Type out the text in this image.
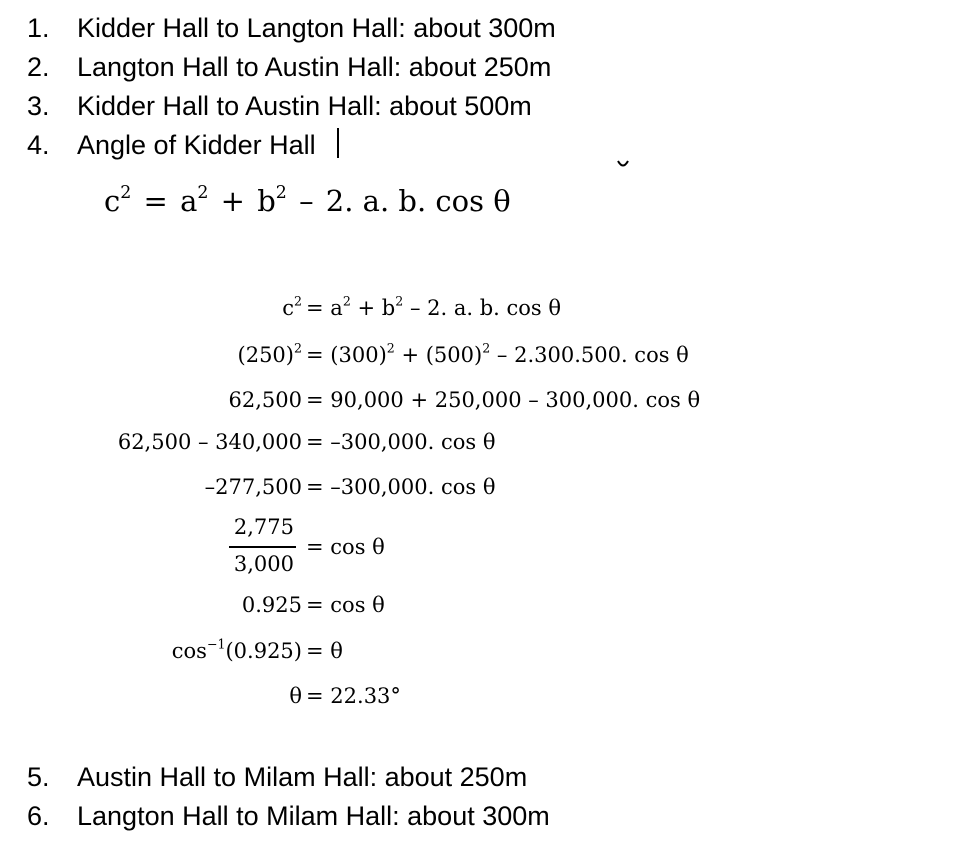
1. Kidder Hall to Langton Hall: about 300m
2. Langton Hall to Austin Hall: about 250m
3. Kidder Hall to Austin Hall: about 500m
4. Angle of Kidder Hall
$c^2 = a^2 + b^2 - 2$. a. b. cos θ
$c^2 = a^2 + b^2 - 2$. a. b. cos θ
$(250)^2 = (300)^2 + (500)^2 - 2.300.500$. cos θ
62,500 = 90,000 + 250,000 – 300,000. cos θ
62,500 – 340,000 = –300,000. cos θ
–277,500 = –300,000. cos θ
2,775
3,000
= cos θ
0.925 = cos θ
$\cos^{-1}(0.925) = \theta$
θ = 22.33°
5. Austin Hall to Milam Hall: about 250m
6. Langton Hall to Milam Hall: about 300m
